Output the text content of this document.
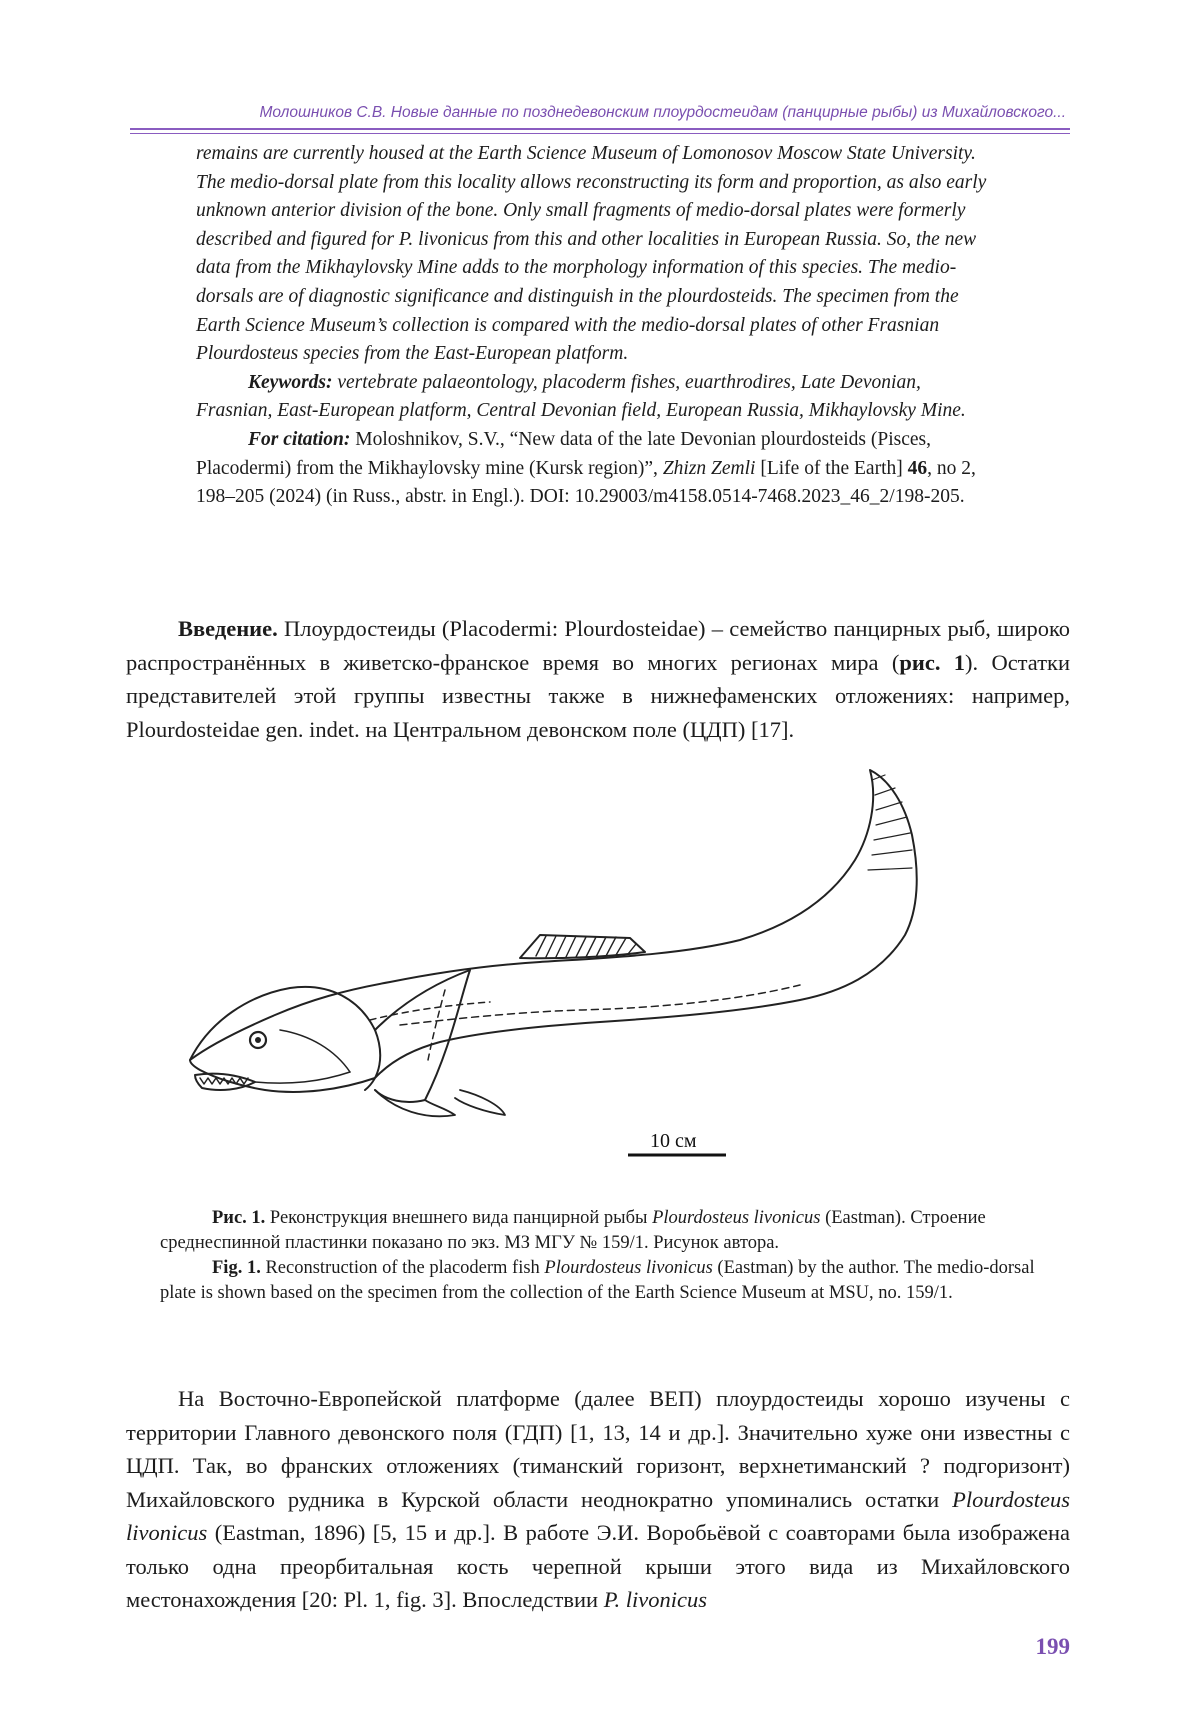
Молошников С.В. Новые данные по позднедевонским плоурдостеидам (панцирные рыбы) из Михайловского...

remains are currently housed at the Earth Science Museum of Lomonosov Moscow State University. The medio-dorsal plate from this locality allows reconstructing its form and proportion, as also early unknown anterior division of the bone. Only small fragments of medio-dorsal plates were formerly described and figured for P. livonicus from this and other localities in European Russia. So, the new data from the Mikhaylovsky Mine adds to the morphology information of this species. The medio-dorsals are of diagnostic significance and distinguish in the plourdosteids. The specimen from the Earth Science Museum’s collection is compared with the medio-dorsal plates of other Frasnian Plourdosteus species from the East-European platform.

Keywords: vertebrate palaeontology, placoderm fishes, euarthrodires, Late Devonian, Frasnian, East-European platform, Central Devonian field, European Russia, Mikhaylovsky Mine.

For citation: Moloshnikov, S.V., “New data of the late Devonian plourdosteids (Pisces, Placodermi) from the Mikhaylovsky mine (Kursk region)”, Zhizn Zemli [Life of the Earth] 46, no 2, 198–205 (2024) (in Russ., abstr. in Engl.). DOI: 10.29003/m4158.0514-7468.2023_46_2/198-205.

Введение. Плоурдостеиды (Placodermi: Plourdosteidae) – семейство панцирных рыб, широко распространённых в живетско-франское время во многих регионах мира (рис. 1). Остатки представителей этой группы известны также в нижнефаменских отложениях: например, Plourdosteidae gen. indet. на Центральном девонском поле (ЦДП) [17].

10 см

Рис. 1. Реконструкция внешнего вида панцирной рыбы Plourdosteus livonicus (Eastman). Строение среднеспинной пластинки показано по экз. МЗ МГУ № 159/1. Рисунок автора.

Fig. 1. Reconstruction of the placoderm fish Plourdosteus livonicus (Eastman) by the author. The medio-dorsal plate is shown based on the specimen from the collection of the Earth Science Museum at MSU, no. 159/1.

На Восточно-Европейской платформе (далее ВЕП) плоурдостеиды хорошо изучены с территории Главного девонского поля (ГДП) [1, 13, 14 и др.]. Значительно хуже они известны с ЦДП. Так, во франских отложениях (тиманский горизонт, верхнетиманский ? подгоризонт) Михайловского рудника в Курской области неоднократно упоминались остатки Plourdosteus livonicus (Eastman, 1896) [5, 15 и др.]. В работе Э.И. Воробьёвой с соавторами была изображена только одна преорбитальная кость черепной крыши этого вида из Михайловского местонахождения [20: Pl. 1, fig. 3]. Впоследствии P. livonicus

199
